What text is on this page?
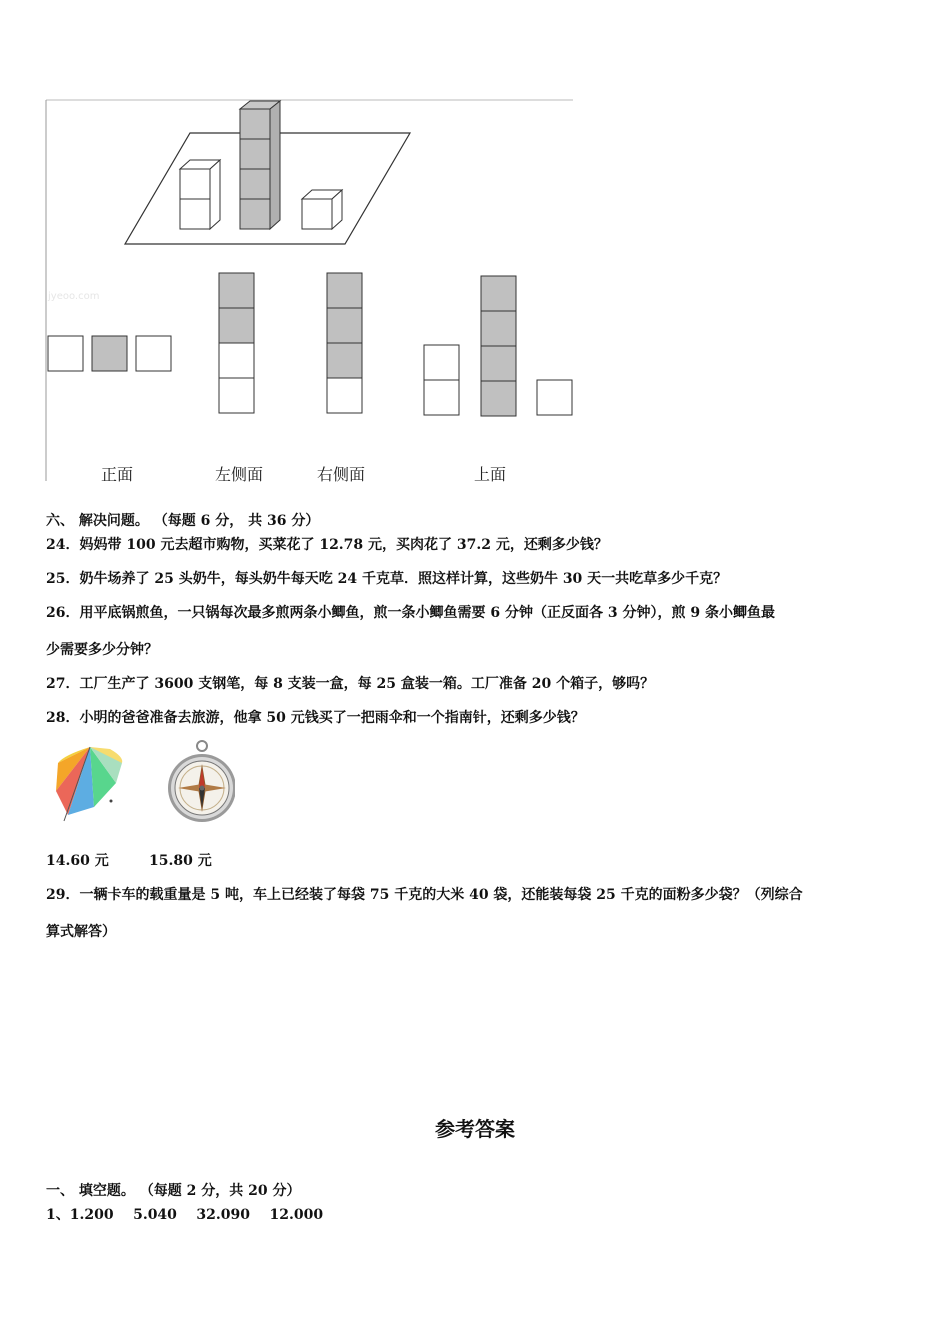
正面	左侧面	右侧面	上面
jyeoo.com
六、 解决问题。 （每题 6 分， 共 36 分）
24．妈妈带 100 元去超市购物，买菜花了 12.78 元，买肉花了 37.2 元，还剩多少钱？
25．奶牛场养了 25 头奶牛，每头奶牛每天吃 24 千克草．照这样计算，这些奶牛 30 天一共吃草多少千克？
26．用平底锅煎鱼，一只锅每次最多煎两条小鲫鱼，煎一条小鲫鱼需要 6 分钟（正反面各 3 分钟），煎 9 条小鲫鱼最
少需要多少分钟？
27．工厂生产了 3600 支钢笔，每 8 支装一盒，每 25 盒装一箱。工厂准备 20 个箱子，够吗？
28．小明的爸爸准备去旅游，他拿 50 元钱买了一把雨伞和一个指南针，还剩多少钱？
14.60 元	15.80 元
29．一辆卡车的载重量是 5 吨，车上已经装了每袋 75 千克的大米 40 袋，还能装每袋 25 千克的面粉多少袋？（列综合
算式解答）
参考答案
一、 填空题。 （每题 2 分，共 20 分）
1、1.200    5.040    32.090    12.000
